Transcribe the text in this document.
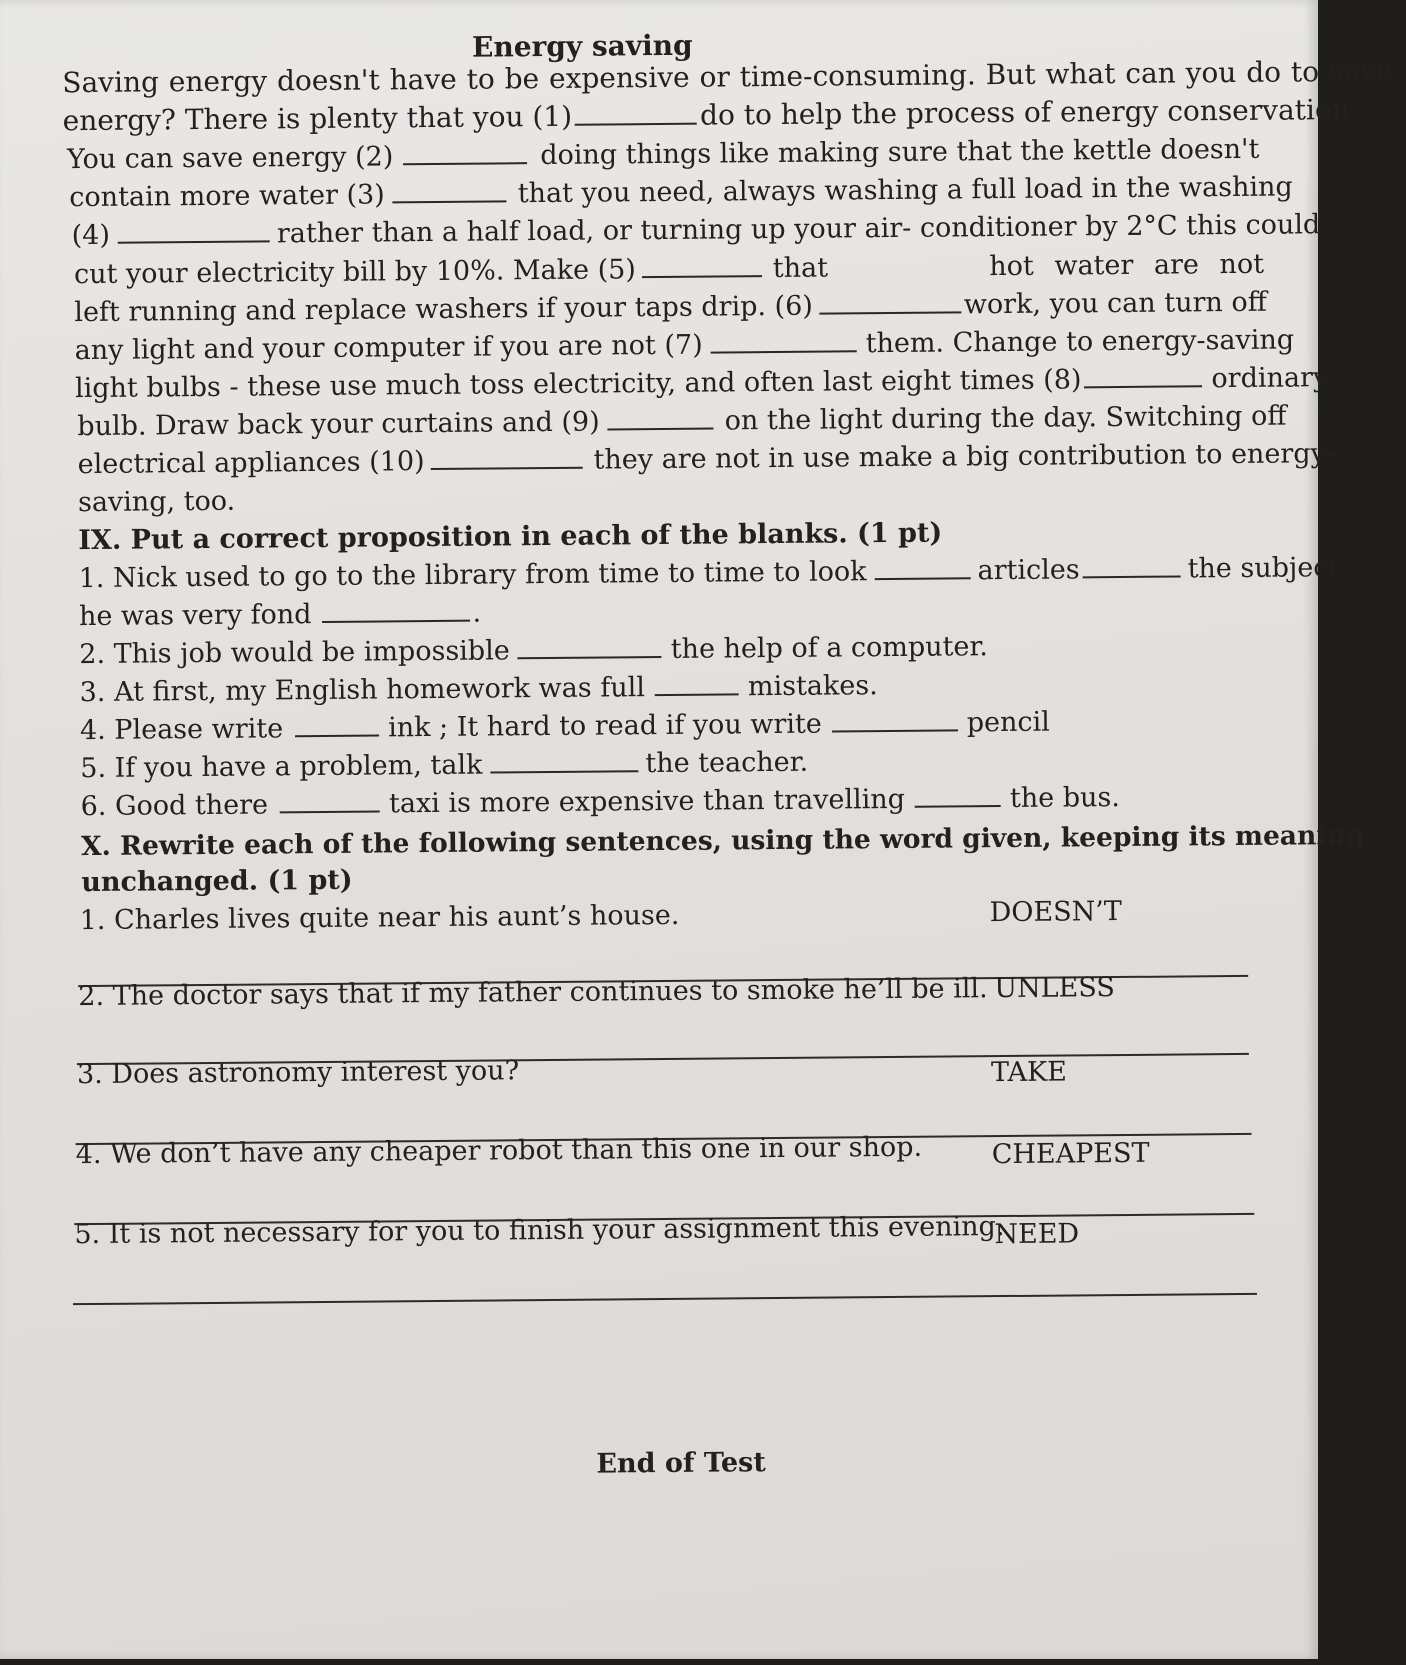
Energy saving
Saving energy doesn't have to be expensive or time-consuming. But what can you do to save
energy? There is plenty that you (1)	do to help the process of energy conservation.
You can save energy (2)	doing things like making sure that the kettle doesn't
contain more water (3)	that you need, always washing a full load in the washing
(4)	rather than a half load, or turning up your air- conditioner by 2°C this could
cut your electricity bill by 10%. Make (5)	that	hot water are not
left running and replace washers if your taps drip. (6)	work, you can turn off
any light and your computer if you are not (7)	them. Change to energy-saving
light bulbs - these use much toss electricity, and often last eight times (8)	ordinary
bulb. Draw back your curtains and (9)	on the light during the day. Switching off
electrical appliances (10)	they are not in use make a big contribution to energy-
saving, too.
IX. Put a correct proposition in each of the blanks. (1 pt)
1. Nick used to go to the library from time to time to look	articles	the subject
he was very fond	.
2. This job would be impossible	the help of a computer.
3. At first, my English homework was full	mistakes.
4. Please write	ink ; It hard to read if you write	pencil
5. If you have a problem, talk	the teacher.
6. Good there	taxi is more expensive than travelling	the bus.
X. Rewrite each of the following sentences, using the word given, keeping its meaning
unchanged. (1 pt)
1. Charles lives quite near his aunt’s house.	DOESN’T
2. The doctor says that if my father continues to smoke he’ll be ill. UNLESS
3. Does astronomy interest you?	TAKE
4. We don’t have any cheaper robot than this one in our shop.	CHEAPEST
5. It is not necessary for you to finish your assignment this evening.
NEED
End of Test
